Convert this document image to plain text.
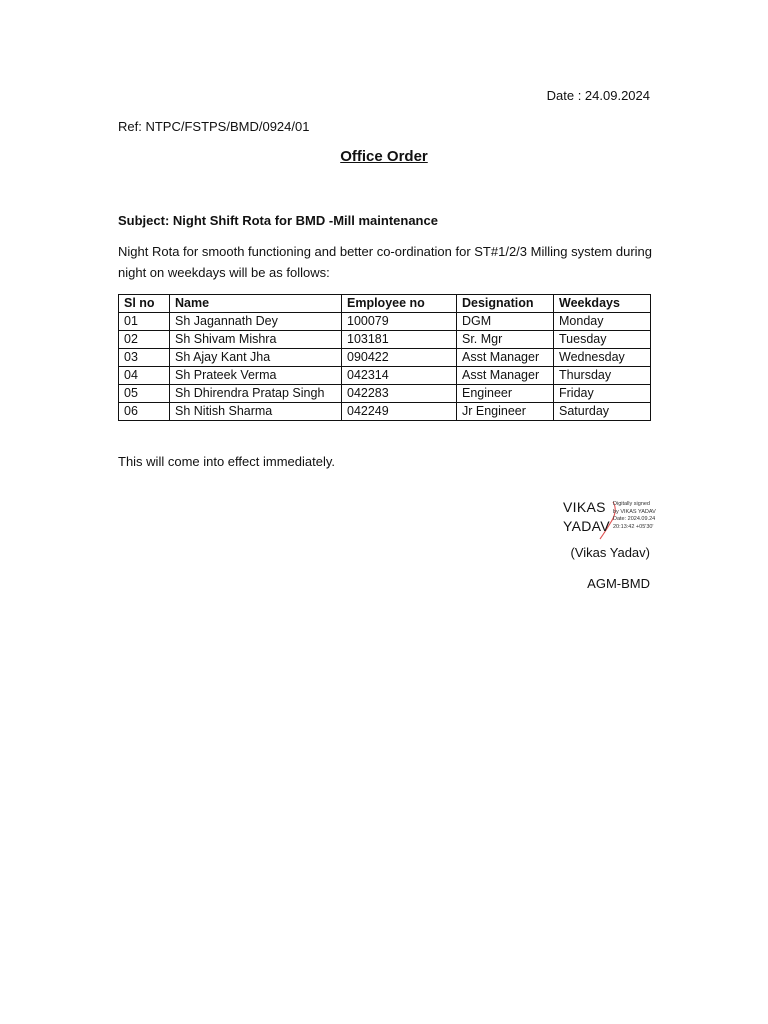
Date : 24.09.2024
Ref: NTPC/FSTPS/BMD/0924/01
Office Order
Subject: Night Shift Rota for BMD -Mill maintenance
Night Rota for smooth functioning and better co-ordination for ST#1/2/3 Milling system during night on weekdays will be as follows:
Sl no	Name	Employee no	Designation	Weekdays
01	Sh Jagannath Dey	100079	DGM	Monday
02	Sh Shivam Mishra	103181	Sr. Mgr	Tuesday
03	Sh Ajay Kant Jha	090422	Asst Manager	Wednesday
04	Sh Prateek Verma	042314	Asst Manager	Thursday
05	Sh Dhirendra Pratap Singh	042283	Engineer	Friday
06	Sh Nitish Sharma	042249	Jr Engineer	Saturday
This will come into effect immediately.
VIKAS
YADAV
Digitally signed
by VIKAS YADAV
Date: 2024.09.24
20:13:42 +05'30'
(Vikas Yadav)
AGM-BMD
